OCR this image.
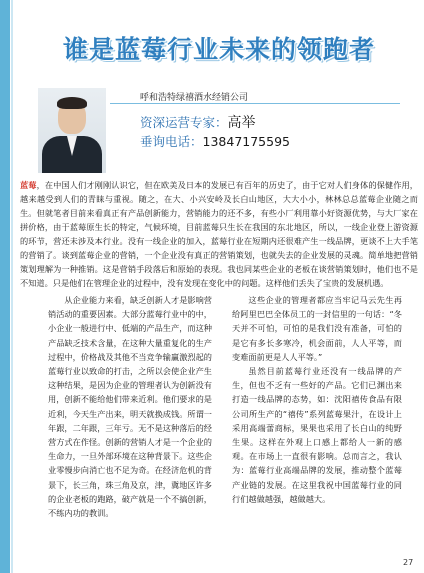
谁是蓝莓行业未来的领跑者
呼和浩特绿禧酒水经销公司
资深运营专家：高举
垂询电话：13847175595
蓝莓，在中国人们才刚刚认识它，但在欧美及日本的发展已有百年的历史了，由于它对人们身体的保健作用，越来越受到人们的青睐与重视。随之，在大、小兴安岭及长白山地区，大大小小，林林总总蓝莓企业随之而生。但就笔者目前来看真正有产品创新能力，营销能力的还不多，有些小厂利用靠小好资源优势，与大厂家在拼价格，由于蓝莓原生长的特定，气候环境，目前蓝莓只生长在我国的东北地区，所以，一线企业登上游资源的环节，营还未涉及本行业。没有一线企业的加入，蓝莓行业在短期内还很难产生一线品牌，更谈不上大手笔的营销了。谈到蓝莓企业的营销，一个企业没有真正的营销策划，也就失去的企业发展的灵魂。简单地把营销策划理解为一种推销。这是营销手段落后和原始的表现。我也同某些企业的老板在谈营销策划时，他们也不是不知道。只是他们在管理企业的过程中，没有发现在变化中的问题。这样他们丢失了宝贵的发展机遇。

从企业能力来看，缺乏创新人才是影响营销活动的重要因素。大部分蓝莓行业中的中，小企业一般进行中、低端的产品生产，而这种产品缺乏技术含量，在这种大量重复化的生产过程中，价格战及其他不当竞争输赢激烈起的蓝莓行业以致命的打击，之所以会使企业产生这种结果，是因为企业的管理者认为创新没有用，创新不能给他们带来近利。他们要求的是近利，今天生产出来，明天就换成钱。所谓一年跟，二年跟，三年亏。无不是这种落后的经营方式在作怪。创新的营销人才是一个企业的生命力，一旦外部环境在这种背景下。这些企业零慢步向消亡也不足为奇。在经济危机的背景下，长三角，珠三角及京，津，冀地区许多的企业老板的跑路，破产就是一个不搞创新，不练内功的教训。

这些企业的管理者都应当牢记马云先生再给阿里巴巴全体员工的一封信里的一句话：“冬天并不可怕，可怕的是我们没有准备，可怕的是它有多长多寒冷，机会面前，人人平等，而变难面前更是人人平等。”

虽然目前蓝莓行业还没有一线品牌的产生，但也不乏有一些好的产品。它们已渊出来打造一线品牌的态势，如：沈阳禧传食品有限公司所生产的“禧传”系列蓝莓果汁，在设计上采用高端蕾商标，果果也采用了长白山的纯野生果。这样在外观上口感上都给人一新的感观。在市场上一直很有影响。总而言之，我认为：蓝莓行业高端品牌的发展，推动整个蓝莓产业链的发展。在这里我祝中国蓝莓行业的同行们越做越强，越做越大。

27
